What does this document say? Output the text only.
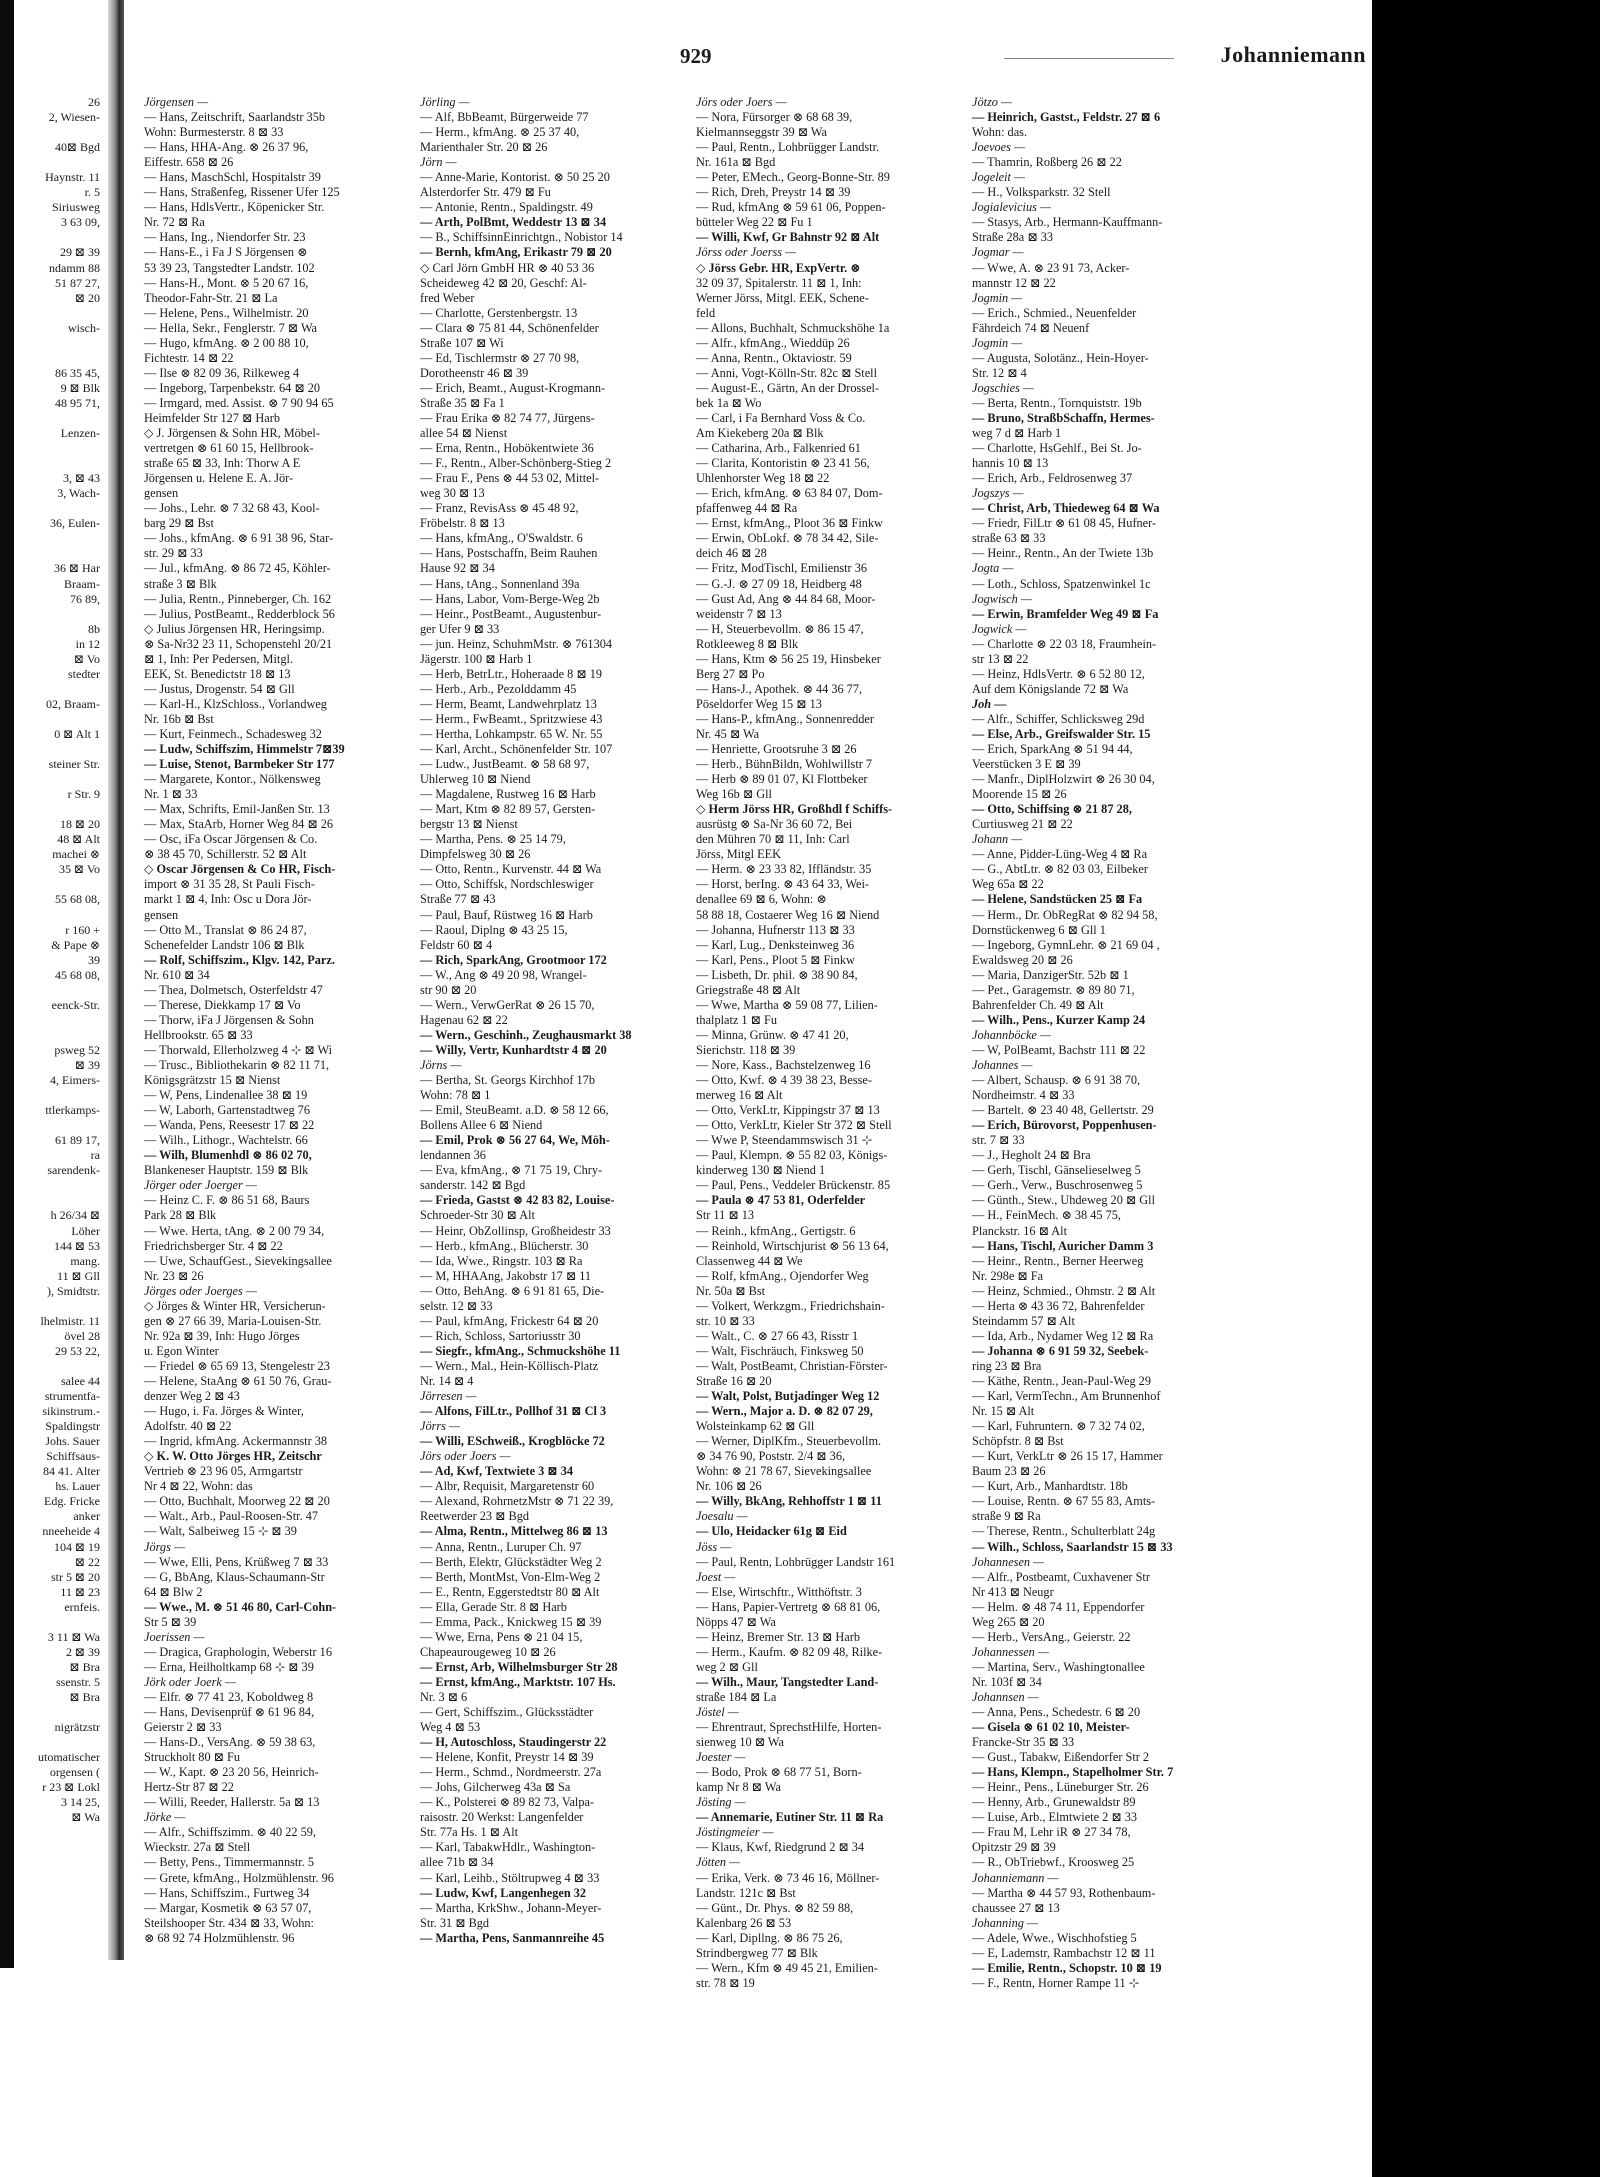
26
2, Wiesen-

40⊠ Bgd

Haynstr. 11
r. 5
Siriusweg
3 63 09,

29 ⊠ 39
ndamm 88
51 87 27,
⊠ 20

wisch-

86 35 45,
9 ⊠ Blk
48 95 71,

Lenzen-

3, ⊠ 43
3, Wach-

36, Eulen-

36 ⊠ Har
Braam-
76 89,

8b
in 12
⊠ Vo
stedter

02, Braam-

0 ⊠ Alt 1

steiner Str.

r Str. 9

18 ⊠ 20
48 ⊠ Alt
machei ⊗
35 ⊠ Vo

55 68 08,

r 160 +
& Pape ⊗
39
45 68 08,

eenck-Str.

psweg 52
⊠ 39
4, Eimers-

ttlerkamps-

61 89 17,
ra
sarendenk-

h 26/34 ⊠
Löher
144 ⊠ 53
mang.
11 ⊠ Gll
), Smidtstr.

lhelmistr. 11
övel 28
29 53 22,

salee 44
strumentfa-
sikinstrum.-
Spaldingstr
Johs. Sauer
Schiffsaus-
84 41. Alter
hs. Lauer
Edg. Fricke
anker
nneeheide 4
104 ⊠ 19
⊠ 22
str 5 ⊠ 20
11 ⊠ 23
ernfeis.

3 11 ⊠ Wa
2 ⊠ 39
⊠ Bra
ssenstr. 5
⊠ Bra

nigrätzstr

utomatischer
orgensen (
r 23 ⊠ Lokl
3 14 25,
⊠ Wa
929	Johanniemann
Jörgensen —
— Hans, Zeitschrift, Saarlandstr 35b
Wohn: Burmesterstr. 8 ⊠ 33
— Hans, HHA-Ang. ⊗ 26 37 96,
Eiffestr. 658 ⊠ 26
— Hans, MaschSchl, Hospitalstr 39
— Hans, Straßenfeg, Rissener Ufer 125
— Hans, HdlsVertr., Köpenicker Str.
Nr. 72 ⊠ Ra
— Hans, Ing., Niendorfer Str. 23
— Hans-E., i Fa J S Jörgensen ⊗
53 39 23, Tangstedter Landstr. 102
— Hans-H., Mont. ⊗ 5 20 67 16,
Theodor-Fahr-Str. 21 ⊠ La
— Helene, Pens., Wilhelmistr. 20
— Hella, Sekr., Fenglerstr. 7 ⊠ Wa
— Hugo, kfmAng. ⊗ 2 00 88 10,
Fichtestr. 14 ⊠ 22
— Ilse ⊗ 82 09 36, Rilkeweg 4
— Ingeborg, Tarpenbekstr. 64 ⊠ 20
— Irmgard, med. Assist. ⊗ 7 90 94 65
Heimfelder Str 127 ⊠ Harb
◇ J. Jörgensen & Sohn HR, Möbel-
vertretgen ⊗ 61 60 15, Hellbrook-
straße 65 ⊠ 33, Inh: Thorw A E
Jörgensen u. Helene E. A. Jör-
gensen
— Johs., Lehr. ⊗ 7 32 68 43, Kool-
barg 29 ⊠ Bst
— Johs., kfmAng. ⊗ 6 91 38 96, Star-
str. 29 ⊠ 33
— Jul., kfmAng. ⊗ 86 72 45, Köhler-
straße 3 ⊠ Blk
— Julia, Rentn., Pinneberger, Ch. 162
— Julius, PostBeamt., Redderblock 56
◇ Julius Jörgensen HR, Heringsimp.
⊗ Sa-Nr32 23 11, Schopenstehl 20/21
⊠ 1, Inh: Per Pedersen, Mitgl.
EEK, St. Benedictstr 18 ⊠ 13
— Justus, Drogenstr. 54 ⊠ Gll
— Karl-H., KlzSchloss., Vorlandweg
Nr. 16b ⊠ Bst
— Kurt, Feinmech., Schadesweg 32
— Ludw, Schiffszim, Himmelstr 7⊠39
— Luise, Stenot, Barmbeker Str 177
— Margarete, Kontor., Nölkensweg
Nr. 1 ⊠ 33
— Max, Schrifts, Emil-Janßen Str. 13
— Max, StaArb, Horner Weg 84 ⊠ 26
— Osc, iFa Oscar Jörgensen & Co.
⊗ 38 45 70, Schillerstr. 52 ⊠ Alt
◇ Oscar Jörgensen & Co HR, Fisch-
import ⊗ 31 35 28, St Pauli Fisch-
markt 1 ⊠ 4, Inh: Osc u Dora Jör-
gensen
— Otto M., Translat ⊗ 86 24 87,
Schenefelder Landstr 106 ⊠ Blk
— Rolf, Schiffszim., Klgv. 142, Parz.
Nr. 610 ⊠ 34
— Thea, Dolmetsch, Osterfeldstr 47
— Therese, Diekkamp 17 ⊠ Vo
— Thorw, iFa J Jörgensen & Sohn
Hellbrookstr. 65 ⊠ 33
— Thorwald, Ellerholzweg 4 ⊹ ⊠ Wi
— Trusc., Bibliothekarin ⊗ 82 11 71,
Königsgrätzstr 15 ⊠ Nienst
— W, Pens, Lindenallee 38 ⊠ 19
— W, Laborh, Gartenstadtweg 76
— Wanda, Pens, Reesestr 17 ⊠ 22
— Wilh., Lithogr., Wachtelstr. 66
— Wilh, Blumenhdl ⊗ 86 02 70,
Blankeneser Hauptstr. 159 ⊠ Blk
Jörger oder Joerger —
— Heinz C. F. ⊗ 86 51 68, Baurs
Park 28 ⊠ Blk
— Wwe. Herta, tAng. ⊗ 2 00 79 34,
Friedrichsberger Str. 4 ⊠ 22
— Uwe, SchaufGest., Sievekingsallee
Nr. 23 ⊠ 26
Jörges oder Joerges —
◇ Jörges & Winter HR, Versicherun-
gen ⊗ 27 66 39, Maria-Louisen-Str.
Nr. 92a ⊠ 39, Inh: Hugo Jörges
u. Egon Winter
— Friedel ⊗ 65 69 13, Stengelestr 23
— Helene, StaAng ⊗ 61 50 76, Grau-
denzer Weg 2 ⊠ 43
— Hugo, i. Fa. Jörges & Winter,
Adolfstr. 40 ⊠ 22
— Ingrid, kfmAng. Ackermannstr 38
◇ K. W. Otto Jörges HR, Zeitschr
Vertrieb ⊗ 23 96 05, Armgartstr
Nr 4 ⊠ 22, Wohn: das
— Otto, Buchhalt, Moorweg 22 ⊠ 20
— Walt., Arb., Paul-Roosen-Str. 47
— Walt, Salbeiweg 15 ⊹ ⊠ 39
Jörgs —
— Wwe, Elli, Pens, Krüßweg 7 ⊠ 33
— G, BbAng, Klaus-Schaumann-Str
64 ⊠ Blw 2
— Wwe., M. ⊗ 51 46 80, Carl-Cohn-
Str 5 ⊠ 39
Joerissen —
— Dragica, Graphologin, Weberstr 16
— Erna, Heilholtkamp 68 ⊹ ⊠ 39
Jörk oder Joerk —
— Elfr. ⊗ 77 41 23, Koboldweg 8
— Hans, Devisenprüf ⊗ 61 96 84,
Geierstr 2 ⊠ 33
— Hans-D., VersAng. ⊗ 59 38 63,
Struckholt 80 ⊠ Fu
— W., Kapt. ⊗ 23 20 56, Heinrich-
Hertz-Str 87 ⊠ 22
— Willi, Reeder, Hallerstr. 5a ⊠ 13
Jörke —
— Alfr., Schiffszimm. ⊗ 40 22 59,
Wieckstr. 27a ⊠ Stell
— Betty, Pens., Timmermannstr. 5
— Grete, kfmAng., Holzmühlenstr. 96
— Hans, Schiffszim., Furtweg 34
— Margar, Kosmetik ⊗ 63 57 07,
Steilshooper Str. 434 ⊠ 33, Wohn:
⊗ 68 92 74 Holzmühlenstr. 96
Jörling —
— Alf, BbBeamt, Bürgerweide 77
— Herm., kfmAng. ⊗ 25 37 40,
Marienthaler Str. 20 ⊠ 26
Jörn —
— Anne-Marie, Kontorist. ⊗ 50 25 20
Alsterdorfer Str. 479 ⊠ Fu
— Antonie, Rentn., Spaldingstr. 49
— Arth, PolBmt, Weddestr 13 ⊠ 34
— B., SchiffsinnEinrichtgn., Nobistor 14
— Bernh, kfmAng, Erikastr 79 ⊠ 20
◇ Carl Jörn GmbH HR ⊗ 40 53 36
Scheideweg 42 ⊠ 20, Geschf: Al-
fred Weber
— Charlotte, Gerstenbergstr. 13
— Clara ⊗ 75 81 44, Schönenfelder
Straße 107 ⊠ Wi
— Ed, Tischlermstr ⊗ 27 70 98,
Dorotheenstr 46 ⊠ 39
— Erich, Beamt., August-Krogmann-
Straße 35 ⊠ Fa 1
— Frau Erika ⊗ 82 74 77, Jürgens-
allee 54 ⊠ Nienst
— Erna, Rentn., Hobökentwiete 36
— F., Rentn., Alber-Schönberg-Stieg 2
— Frau F., Pens ⊗ 44 53 02, Mittel-
weg 30 ⊠ 13
— Franz, RevisAss ⊗ 45 48 92,
Fröbelstr. 8 ⊠ 13
— Hans, kfmAng., O'Swaldstr. 6
— Hans, Postschaffn, Beim Rauhen
Hause 92 ⊠ 34
— Hans, tAng., Sonnenland 39a
— Hans, Labor, Vom-Berge-Weg 2b
— Heinr., PostBeamt., Augustenbur-
ger Ufer 9 ⊠ 33
— jun. Heinz, SchuhmMstr. ⊗ 761304
Jägerstr. 100 ⊠ Harb 1
— Herb, BetrLtr., Hoheraade 8 ⊠ 19
— Herb., Arb., Pezolddamm 45
— Herm, Beamt, Landwehrplatz 13
— Herm., FwBeamt., Spritzwiese 43
— Hertha, Lohkampstr. 65 W. Nr. 55
— Karl, Archt., Schönenfelder Str. 107
— Ludw., JustBeamt. ⊗ 58 68 97,
Uhlerweg 10 ⊠ Niend
— Magdalene, Rustweg 16 ⊠ Harb
— Mart, Ktm ⊗ 82 89 57, Gersten-
bergstr 13 ⊠ Nienst
— Martha, Pens. ⊗ 25 14 79,
Dimpfelsweg 30 ⊠ 26
— Otto, Rentn., Kurvenstr. 44 ⊠ Wa
— Otto, Schiffsk, Nordschleswiger
Straße 77 ⊠ 43
— Paul, Bauf, Rüstweg 16 ⊠ Harb
— Raoul, Diplng ⊗ 43 25 15,
Feldstr 60 ⊠ 4
— Rich, SparkAng, Grootmoor 172
— W., Ang ⊗ 49 20 98, Wrangel-
str 90 ⊠ 20
— Wern., VerwGerRat ⊗ 26 15 70,
Hagenau 62 ⊠ 22
— Wern., Geschinh., Zeughausmarkt 38
— Willy, Vertr, Kunhardtstr 4 ⊠ 20
Jörns —
— Bertha, St. Georgs Kirchhof 17b
Wohn: 78 ⊠ 1
— Emil, SteuBeamt. a.D. ⊗ 58 12 66,
Bollens Allee 6 ⊠ Niend
— Emil, Prok ⊗ 56 27 64, We, Möh-
lendannen 36
— Eva, kfmAng., ⊗ 71 75 19, Chry-
sanderstr. 142 ⊠ Bgd
— Frieda, Gastst ⊗ 42 83 82, Louise-
Schroeder-Str 30 ⊠ Alt
— Heinr, ObZollinsp, Großheidestr 33
— Herb., kfmAng., Blücherstr. 30
— Ida, Wwe., Ringstr. 103 ⊠ Ra
— M, HHAAng, Jakobstr 17 ⊠ 11
— Otto, BehAng. ⊗ 6 91 81 65, Die-
selstr. 12 ⊠ 33
— Paul, kfmAng, Frickestr 64 ⊠ 20
— Rich, Schloss, Sartoriusstr 30
— Siegfr., kfmAng., Schmuckshöhe 11
— Wern., Mal., Hein-Köllisch-Platz
Nr. 14 ⊠ 4
Jörresen —
— Alfons, FilLtr., Pollhof 31 ⊠ Cl 3
Jörrs —
— Willi, ESchweiß., Krogblöcke 72
Jörs oder Joers —
— Ad, Kwf, Textwiete 3 ⊠ 34
— Albr, Requisit, Margaretenstr 60
— Alexand, RohrnetzMstr ⊗ 71 22 39,
Reetwerder 23 ⊠ Bgd
— Alma, Rentn., Mittelweg 86 ⊠ 13
— Anna, Rentn., Luruper Ch. 97
— Berth, Elektr, Glückstädter Weg 2
— Berth, MontMst, Von-Elm-Weg 2
— E., Rentn, Eggerstedtstr 80 ⊠ Alt
— Ella, Gerade Str. 8 ⊠ Harb
— Emma, Pack., Knickweg 15 ⊠ 39
— Wwe, Erna, Pens ⊗ 21 04 15,
Chapeaurougeweg 10 ⊠ 26
— Ernst, Arb, Wilhelmsburger Str 28
— Ernst, kfmAng., Marktstr. 107 Hs.
Nr. 3 ⊠ 6
— Gert, Schiffszim., Glücksstädter
Weg 4 ⊠ 53
— H, Autoschloss, Staudingerstr 22
— Helene, Konfit, Preystr 14 ⊠ 39
— Herm., Schmd., Nordmeerstr. 27a
— Johs, Gilcherweg 43a ⊠ Sa
— K., Polsterei ⊗ 89 82 73, Valpa-
raisostr. 20 Werkst: Langenfelder
Str. 77a Hs. 1 ⊠ Alt
— Karl, TabakwHdlr., Washington-
allee 71b ⊠ 34
— Karl, Leihb., Stöltrupweg 4 ⊠ 33
— Ludw, Kwf, Langenhegen 32
— Martha, KrkShw., Johann-Meyer-
Str. 31 ⊠ Bgd
— Martha, Pens, Sanmannreihe 45
Jörs oder Joers —
— Nora, Fürsorger ⊗ 68 68 39,
Kielmannseggstr 39 ⊠ Wa
— Paul, Rentn., Lohbrügger Landstr.
Nr. 161a ⊠ Bgd
— Peter, EMech., Georg-Bonne-Str. 89
— Rich, Dreh, Preystr 14 ⊠ 39
— Rud, kfmAng ⊗ 59 61 06, Poppen-
bütteler Weg 22 ⊠ Fu 1
— Willi, Kwf, Gr Bahnstr 92 ⊠ Alt
Jörss oder Joerss —
◇ Jörss Gebr. HR, ExpVertr. ⊗
32 09 37, Spitalerstr. 11 ⊠ 1, Inh:
Werner Jörss, Mitgl. EEK, Schene-
feld
— Allons, Buchhalt, Schmuckshöhe 1a
— Alfr., kfmAng., Wieddüp 26
— Anna, Rentn., Oktaviostr. 59
— Anni, Vogt-Kölln-Str. 82c ⊠ Stell
— August-E., Gärtn, An der Drossel-
bek 1a ⊠ Wo
— Carl, i Fa Bernhard Voss & Co.
Am Kiekeberg 20a ⊠ Blk
— Catharina, Arb., Falkenried 61
— Clarita, Kontoristin ⊗ 23 41 56,
Uhlenhorster Weg 18 ⊠ 22
— Erich, kfmAng. ⊗ 63 84 07, Dom-
pfaffenweg 44 ⊠ Ra
— Ernst, kfmAng., Ploot 36 ⊠ Finkw
— Erwin, ObLokf. ⊗ 78 34 42, Sile-
deich 46 ⊠ 28
— Fritz, ModTischl, Emilienstr 36
— G.-J. ⊗ 27 09 18, Heidberg 48
— Gust Ad, Ang ⊗ 44 84 68, Moor-
weidenstr 7 ⊠ 13
— H, Steuerbevollm. ⊗ 86 15 47,
Rotkleeweg 8 ⊠ Blk
— Hans, Ktm ⊗ 56 25 19, Hinsbeker
Berg 27 ⊠ Po
— Hans-J., Apothek. ⊗ 44 36 77,
Pöseldorfer Weg 15 ⊠ 13
— Hans-P., kfmAng., Sonnenredder
Nr. 45 ⊠ Wa
— Henriette, Grootsruhe 3 ⊠ 26
— Herb., BühnBildn, Wohlwillstr 7
— Herb ⊗ 89 01 07, Kl Flottbeker
Weg 16b ⊠ Gll
◇ Herm Jörss HR, Großhdl f Schiffs-
ausrüstg ⊗ Sa-Nr 36 60 72, Bei
den Mühren 70 ⊠ 11, Inh: Carl
Jörss, Mitgl EEK
— Herm. ⊗ 23 33 82, Iffländstr. 35
— Horst, berIng. ⊗ 43 64 33, Wei-
denallee 69 ⊠ 6, Wohn: ⊗
58 88 18, Costaerer Weg 16 ⊠ Niend
— Johanna, Hufnerstr 113 ⊠ 33
— Karl, Lug., Denksteinweg 36
— Karl, Pens., Ploot 5 ⊠ Finkw
— Lisbeth, Dr. phil. ⊗ 38 90 84,
Griegstraße 48 ⊠ Alt
— Wwe, Martha ⊗ 59 08 77, Lilien-
thalplatz 1 ⊠ Fu
— Minna, Grünw. ⊗ 47 41 20,
Sierichstr. 118 ⊠ 39
— Nore, Kass., Bachstelzenweg 16
— Otto, Kwf. ⊗ 4 39 38 23, Besse-
merweg 16 ⊠ Alt
— Otto, VerkLtr, Kippingstr 37 ⊠ 13
— Otto, VerkLtr, Kieler Str 372 ⊠ Stell
— Wwe P, Steendammswisch 31 ⊹
— Paul, Klempn. ⊗ 55 82 03, Königs-
kinderweg 130 ⊠ Niend 1
— Paul, Pens., Veddeler Brückenstr. 85
— Paula ⊗ 47 53 81, Oderfelder
Str 11 ⊠ 13
— Reinh., kfmAng., Gertigstr. 6
— Reinhold, Wirtschjurist ⊗ 56 13 64,
Classenweg 44 ⊠ We
— Rolf, kfmAng., Ojendorfer Weg
Nr. 50a ⊠ Bst
— Volkert, Werkzgm., Friedrichshain-
str. 10 ⊠ 33
— Walt., C. ⊗ 27 66 43, Risstr 1
— Walt, Fischräuch, Finksweg 50
— Walt, PostBeamt, Christian-Förster-
Straße 16 ⊠ 20
— Walt, Polst, Butjadinger Weg 12
— Wern., Major a. D. ⊗ 82 07 29,
Wolsteinkamp 62 ⊠ Gll
— Werner, DiplKfm., Steuerbevollm.
⊗ 34 76 90, Poststr. 2/4 ⊠ 36,
Wohn: ⊗ 21 78 67, Sievekingsallee
Nr. 106 ⊠ 26
— Willy, BkAng, Rehhoffstr 1 ⊠ 11
Joesalu —
— Ulo, Heidacker 61g ⊠ Eid
Jöss —
— Paul, Rentn, Lohbrügger Landstr 161
Joest —
— Else, Wirtschftr., Witthöftstr. 3
— Hans, Papier-Vertretg ⊗ 68 81 06,
Nöpps 47 ⊠ Wa
— Heinz, Bremer Str. 13 ⊠ Harb
— Herm., Kaufm. ⊗ 82 09 48, Rilke-
weg 2 ⊠ Gll
— Wilh., Maur, Tangstedter Land-
straße 184 ⊠ La
Jöstel —
— Ehrentraut, SprechstHilfe, Horten-
sienweg 10 ⊠ Wa
Joester —
— Bodo, Prok ⊗ 68 77 51, Born-
kamp Nr 8 ⊠ Wa
Jösting —
— Annemarie, Eutiner Str. 11 ⊠ Ra
Jöstingmeier —
— Klaus, Kwf, Riedgrund 2 ⊠ 34
Jötten —
— Erika, Verk. ⊗ 73 46 16, Möllner-
Landstr. 121c ⊠ Bst
— Günt., Dr. Phys. ⊗ 82 59 88,
Kalenbarg 26 ⊠ 53
— Karl, Dipllng. ⊗ 86 75 26,
Strindbergweg 77 ⊠ Blk
— Wern., Kfm ⊗ 49 45 21, Emilien-
str. 78 ⊠ 19
Jötzo —
— Heinrich, Gastst., Feldstr. 27 ⊠ 6
Wohn: das.
Joevoes —
— Thamrin, Roßberg 26 ⊠ 22
Jogeleit —
— H., Volksparkstr. 32 Stell
Jogialevicius —
— Stasys, Arb., Hermann-Kauffmann-
Straße 28a ⊠ 33
Jogmar —
— Wwe, A. ⊗ 23 91 73, Acker-
mannstr 12 ⊠ 22
Jogmin —
— Erich., Schmied., Neuenfelder
Fährdeich 74 ⊠ Neuenf
Jogmin —
— Augusta, Solotänz., Hein-Hoyer-
Str. 12 ⊠ 4
Jogschies —
— Berta, Rentn., Tornquiststr. 19b
— Bruno, StraßbSchaffn, Hermes-
weg 7 d ⊠ Harb 1
— Charlotte, HsGehlf., Bei St. Jo-
hannis 10 ⊠ 13
— Erich, Arb., Feldrosenweg 37
Jogszys —
— Christ, Arb, Thiedeweg 64 ⊠ Wa
— Friedr, FilLtr ⊗ 61 08 45, Hufner-
straße 63 ⊠ 33
— Heinr., Rentn., An der Twiete 13b
Jogta —
— Loth., Schloss, Spatzenwinkel 1c
Jogwisch —
— Erwin, Bramfelder Weg 49 ⊠ Fa
Jogwick —
— Charlotte ⊗ 22 03 18, Fraumhein-
str 13 ⊠ 22
— Heinz, HdlsVertr. ⊗ 6 52 80 12,
Auf dem Königslande 72 ⊠ Wa
Joh —
— Alfr., Schiffer, Schlicksweg 29d
— Else, Arb., Greifswalder Str. 15
— Erich, SparkAng ⊗ 51 94 44,
Veerstücken 3 E ⊠ 39
— Manfr., DiplHolzwirt ⊗ 26 30 04,
Moorende 15 ⊠ 26
— Otto, Schiffsing ⊗ 21 87 28,
Curtiusweg 21 ⊠ 22
Johann —
— Anne, Pidder-Lüng-Weg 4 ⊠ Ra
— G., AbtLtr. ⊗ 82 03 03, Eilbeker
Weg 65a ⊠ 22
— Helene, Sandstücken 25 ⊠ Fa
— Herm., Dr. ObRegRat ⊗ 82 94 58,
Dornstückenweg 6 ⊠ Gll 1
— Ingeborg, GymnLehr. ⊗ 21 69 04 ,
Ewaldsweg 20 ⊠ 26
— Maria, DanzigerStr. 52b ⊠ 1
— Pet., Garagemstr. ⊗ 89 80 71,
Bahrenfelder Ch. 49 ⊠ Alt
— Wilh., Pens., Kurzer Kamp 24
Johannböcke —
— W, PolBeamt, Bachstr 111 ⊠ 22
Johannes —
— Albert, Schausp. ⊗ 6 91 38 70,
Nordheimstr. 4 ⊠ 33
— Bartelt. ⊗ 23 40 48, Gellertstr. 29
— Erich, Bürovorst, Poppenhusen-
str. 7 ⊠ 33
— J., Hegholt 24 ⊠ Bra
— Gerh, Tischl, Gänselieselweg 5
— Gerh., Verw., Buschrosenweg 5
— Günth., Stew., Uhdeweg 20 ⊠ Gll
— H., FeinMech. ⊗ 38 45 75,
Planckstr. 16 ⊠ Alt
— Hans, Tischl, Auricher Damm 3
— Heinr., Rentn., Berner Heerweg
Nr. 298e ⊠ Fa
— Heinz, Schmied., Ohmstr. 2 ⊠ Alt
— Herta ⊗ 43 36 72, Bahrenfelder
Steindamm 57 ⊠ Alt
— Ida, Arb., Nydamer Weg 12 ⊠ Ra
— Johanna ⊗ 6 91 59 32, Seebek-
ring 23 ⊠ Bra
— Käthe, Rentn., Jean-Paul-Weg 29
— Karl, VermTechn., Am Brunnenhof
Nr. 15 ⊠ Alt
— Karl, Fuhruntern. ⊗ 7 32 74 02,
Schöpfstr. 8 ⊠ Bst
— Kurt, VerkLtr ⊗ 26 15 17, Hammer
Baum 23 ⊠ 26
— Kurt, Arb., Manhardtstr. 18b
— Louise, Rentn. ⊗ 67 55 83, Amts-
straße 9 ⊠ Ra
— Therese, Rentn., Schulterblatt 24g
— Wilh., Schloss, Saarlandstr 15 ⊠ 33
Johannesen —
— Alfr., Postbeamt, Cuxhavener Str
Nr 413 ⊠ Neugr
— Helm. ⊗ 48 74 11, Eppendorfer
Weg 265 ⊠ 20
— Herb., VersAng., Geierstr. 22
Johannessen —
— Martina, Serv., Washingtonallee
Nr. 103f ⊠ 34
Johannsen —
— Anna, Pens., Schedestr. 6 ⊠ 20
— Gisela ⊗ 61 02 10, Meister-
Francke-Str 35 ⊠ 33
— Gust., Tabakw, Eißendorfer Str 2
— Hans, Klempn., Stapelholmer Str. 7
— Heinr., Pens., Lüneburger Str. 26
— Henny, Arb., Grunewaldstr 89
— Luise, Arb., Elmtwiete 2 ⊠ 33
— Frau M, Lehr iR ⊗ 27 34 78,
Opitzstr 29 ⊠ 39
— R., ObTriebwf., Kroosweg 25
Johanniemann —
— Martha ⊗ 44 57 93, Rothenbaum-
chaussee 27 ⊠ 13
Johanning —
— Adele, Wwe., Wischhofstieg 5
— E, Lademstr, Rambachstr 12 ⊠ 11
— Emilie, Rentn., Schopstr. 10 ⊠ 19
— F., Rentn, Horner Rampe 11 ⊹
